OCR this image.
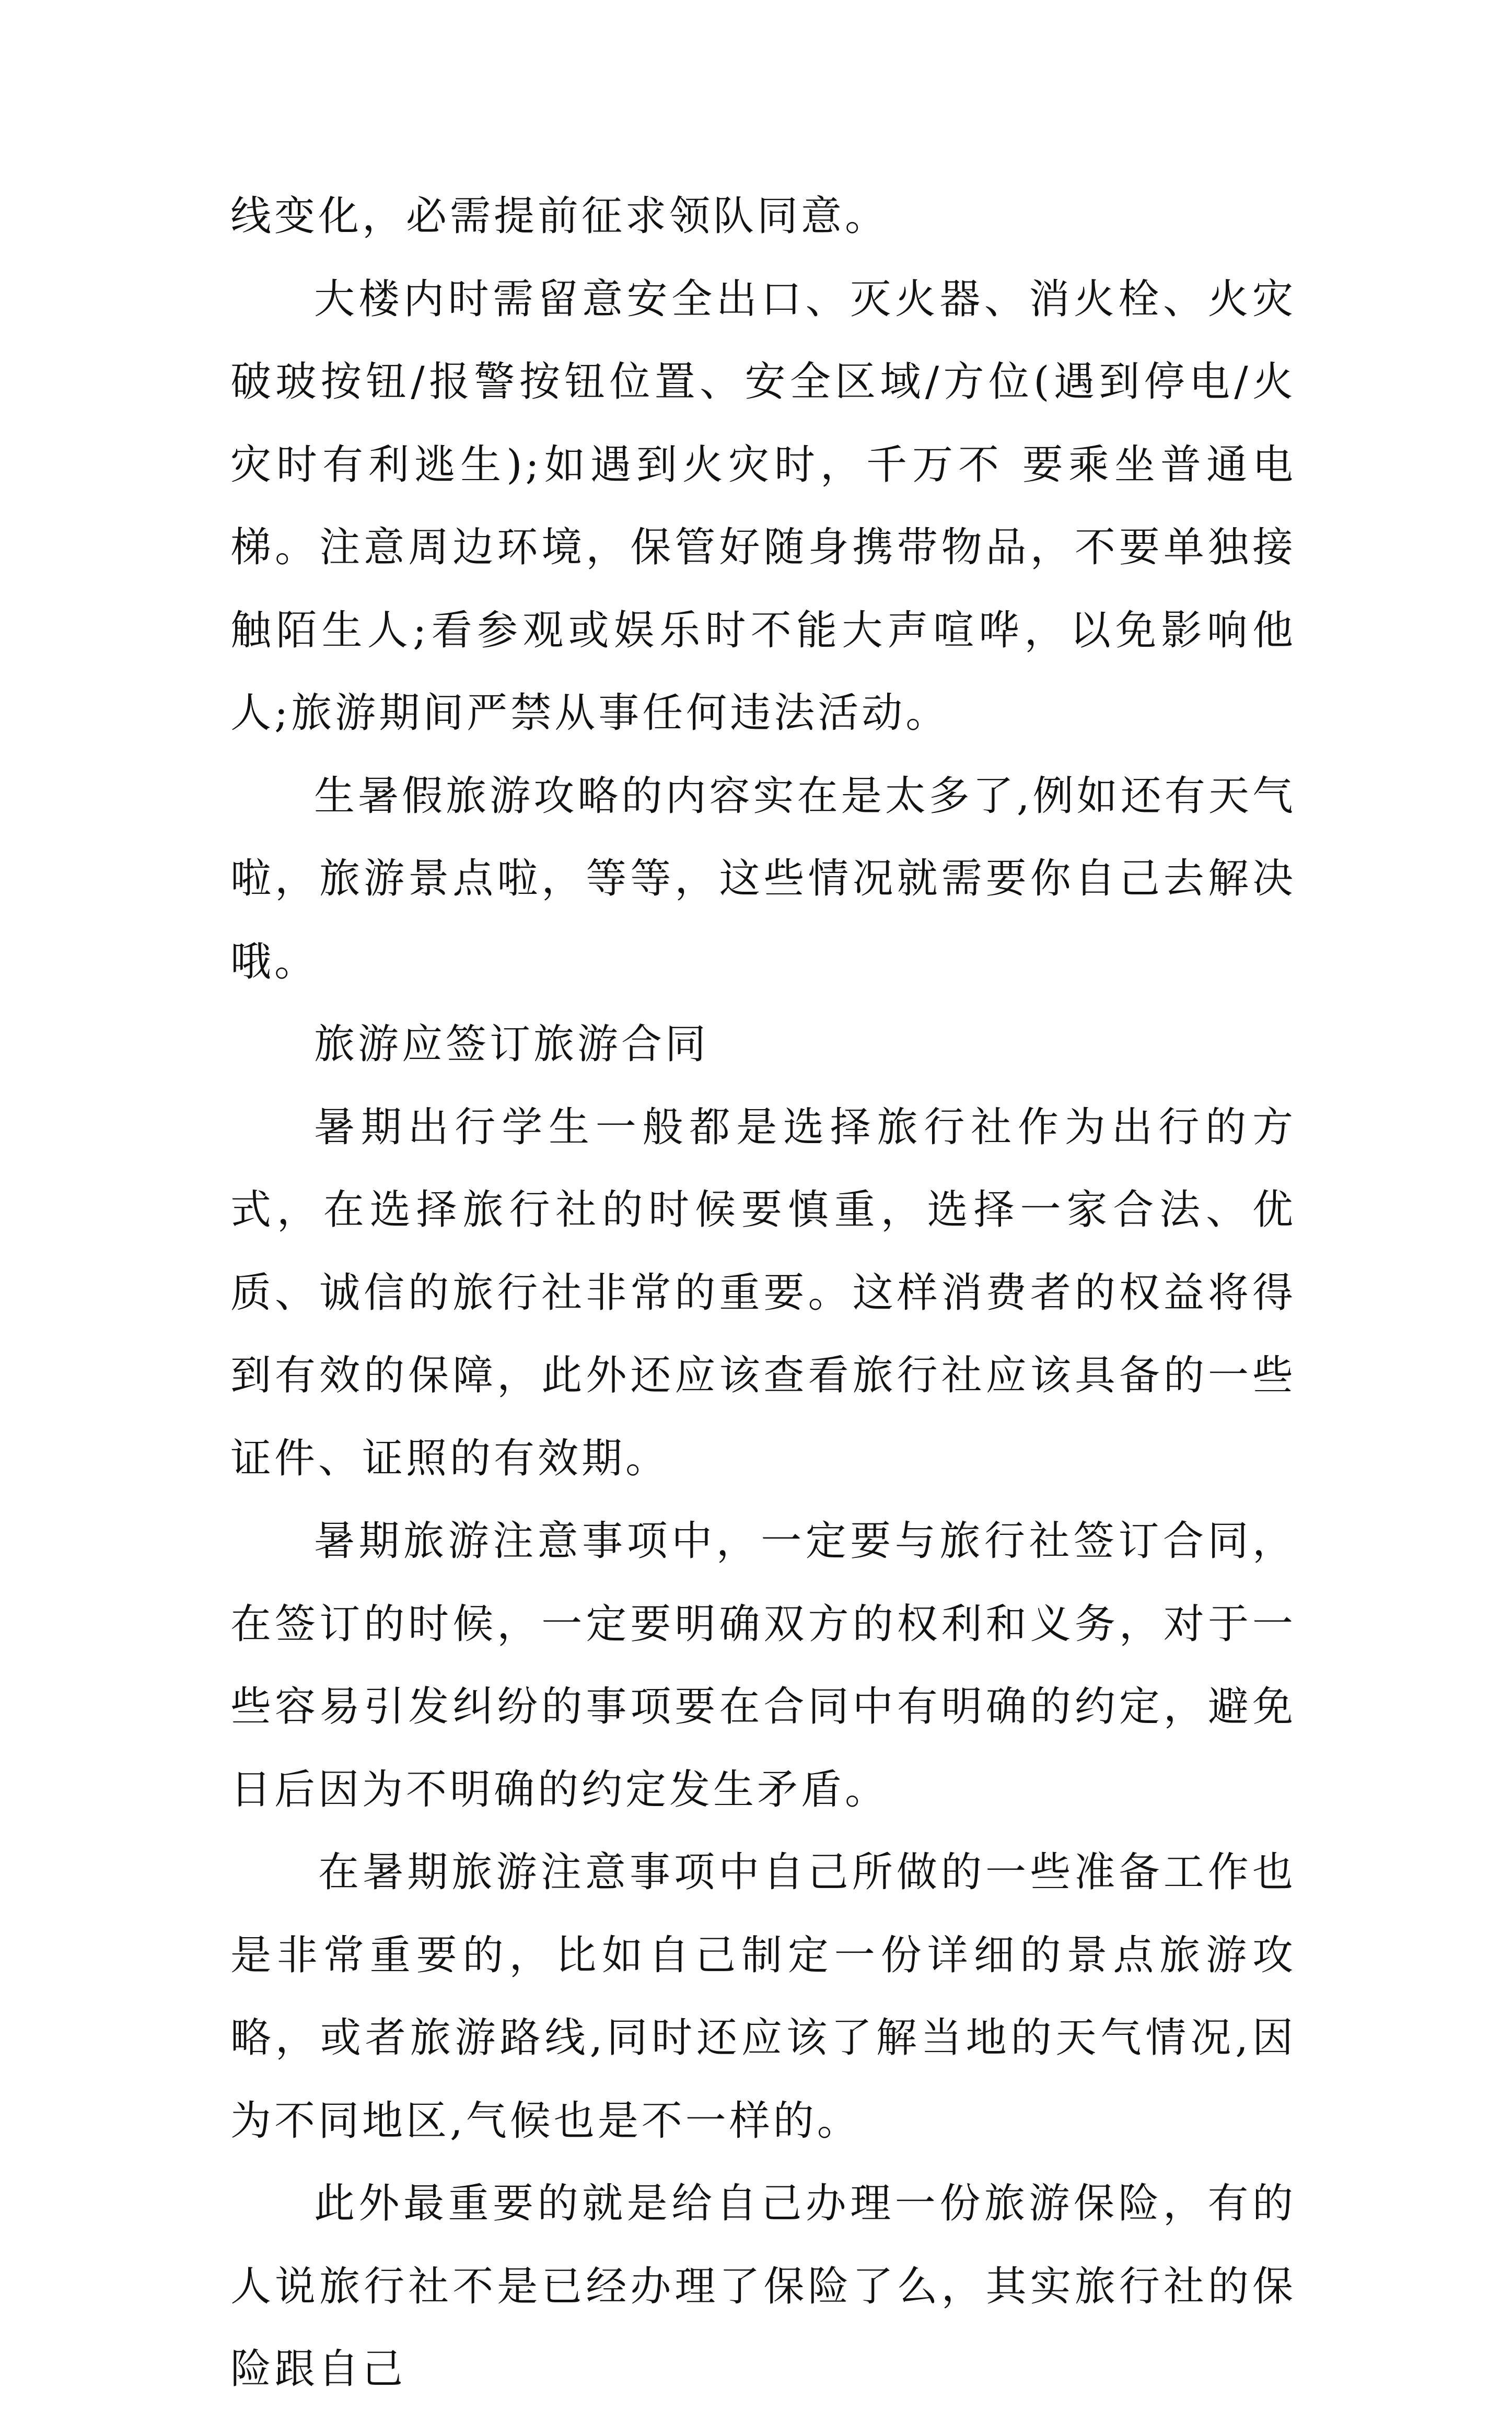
线变化，必需提前征求领队同意。

大楼内时需留意安全出口、灭火器、消火栓、火灾破玻按钮/报警按钮位置、安全区域/方位(遇到停电/火灾时有利逃生);如遇到火灾时，千万不 要乘坐普通电梯。注意周边环境，保管好随身携带物品，不要单独接触陌生人;看参观或娱乐时不能大声喧哗，以免影响他人;旅游期间严禁从事任何违法活动。

生暑假旅游攻略的内容实在是太多了,例如还有天气啦，旅游景点啦，等等，这些情况就需要你自己去解决哦。

旅游应签订旅游合同

暑期出行学生一般都是选择旅行社作为出行的方式，在选择旅行社的时候要慎重，选择一家合法、优质、诚信的旅行社非常的重要。这样消费者的权益将得到有效的保障，此外还应该查看旅行社应该具备的一些证件、证照的有效期。

暑期旅游注意事项中，一定要与旅行社签订合同，在签订的时候，一定要明确双方的权利和义务，对于一些容易引发纠纷的事项要在合同中有明确的约定，避免日后因为不明确的约定发生矛盾。

在暑期旅游注意事项中自己所做的一些准备工作也是非常重要的，比如自己制定一份详细的景点旅游攻略，或者旅游路线,同时还应该了解当地的天气情况,因为不同地区,气候也是不一样的。

此外最重要的就是给自己办理一份旅游保险，有的人说旅行社不是已经办理了保险了么，其实旅行社的保险跟自己
